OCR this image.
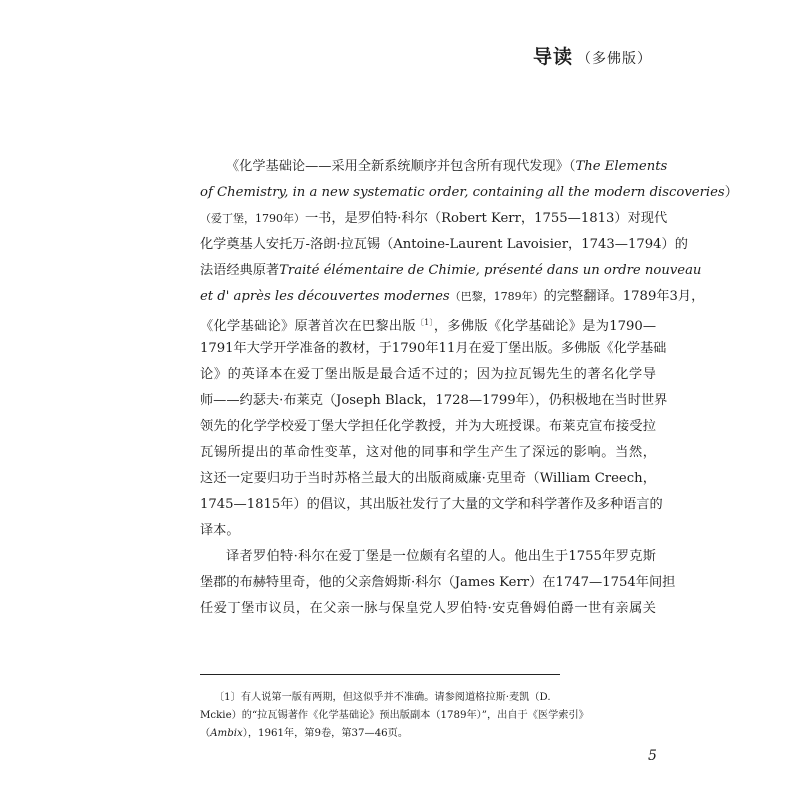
导读 （多佛版）
《化学基础论——采用全新系统顺序并包含所有现代发现》（The Elements
of Chemistry, in a new systematic order, containing all the modern discoveries）
（爱丁堡，1790年）一书，是罗伯特·科尔（Robert Kerr，1755—1813）对现代
化学奠基人安托万-洛朗·拉瓦锡（Antoine-Laurent Lavoisier，1743—1794）的
法语经典原著Traité élémentaire de Chimie, présenté dans un ordre nouveau
et d' après les découvertes modernes（巴黎，1789年）的完整翻译。1789年3月，
《化学基础论》原著首次在巴黎出版$^{〔1〕}$，多佛版《化学基础论》是为1790—
1791年大学开学准备的教材，于1790年11月在爱丁堡出版。多佛版《化学基础
论》的英译本在爱丁堡出版是最合适不过的；因为拉瓦锡先生的著名化学导
师——约瑟夫·布莱克（Joseph Black，1728—1799年），仍积极地在当时世界
领先的化学学校爱丁堡大学担任化学教授，并为大班授课。布莱克宣布接受拉
瓦锡所提出的革命性变革，这对他的同事和学生产生了深远的影响。当然，
这还一定要归功于当时苏格兰最大的出版商威廉·克里奇（William Creech，
1745—1815年）的倡议，其出版社发行了大量的文学和科学著作及多种语言的
译本。
译者罗伯特·科尔在爱丁堡是一位颇有名望的人。他出生于1755年罗克斯
堡郡的布赫特里奇，他的父亲詹姆斯·科尔（James Kerr）在1747—1754年间担
任爱丁堡市议员，在父亲一脉与保皇党人罗伯特·安克鲁姆伯爵一世有亲属关
〔1〕有人说第一版有两期，但这似乎并不准确。请参阅道格拉斯·麦凯（D.
Mckie）的“拉瓦锡著作《化学基础论》预出版副本（1789年）”，出自于《医学索引》
（Ambix），1961年，第9卷，第37—46页。
5
